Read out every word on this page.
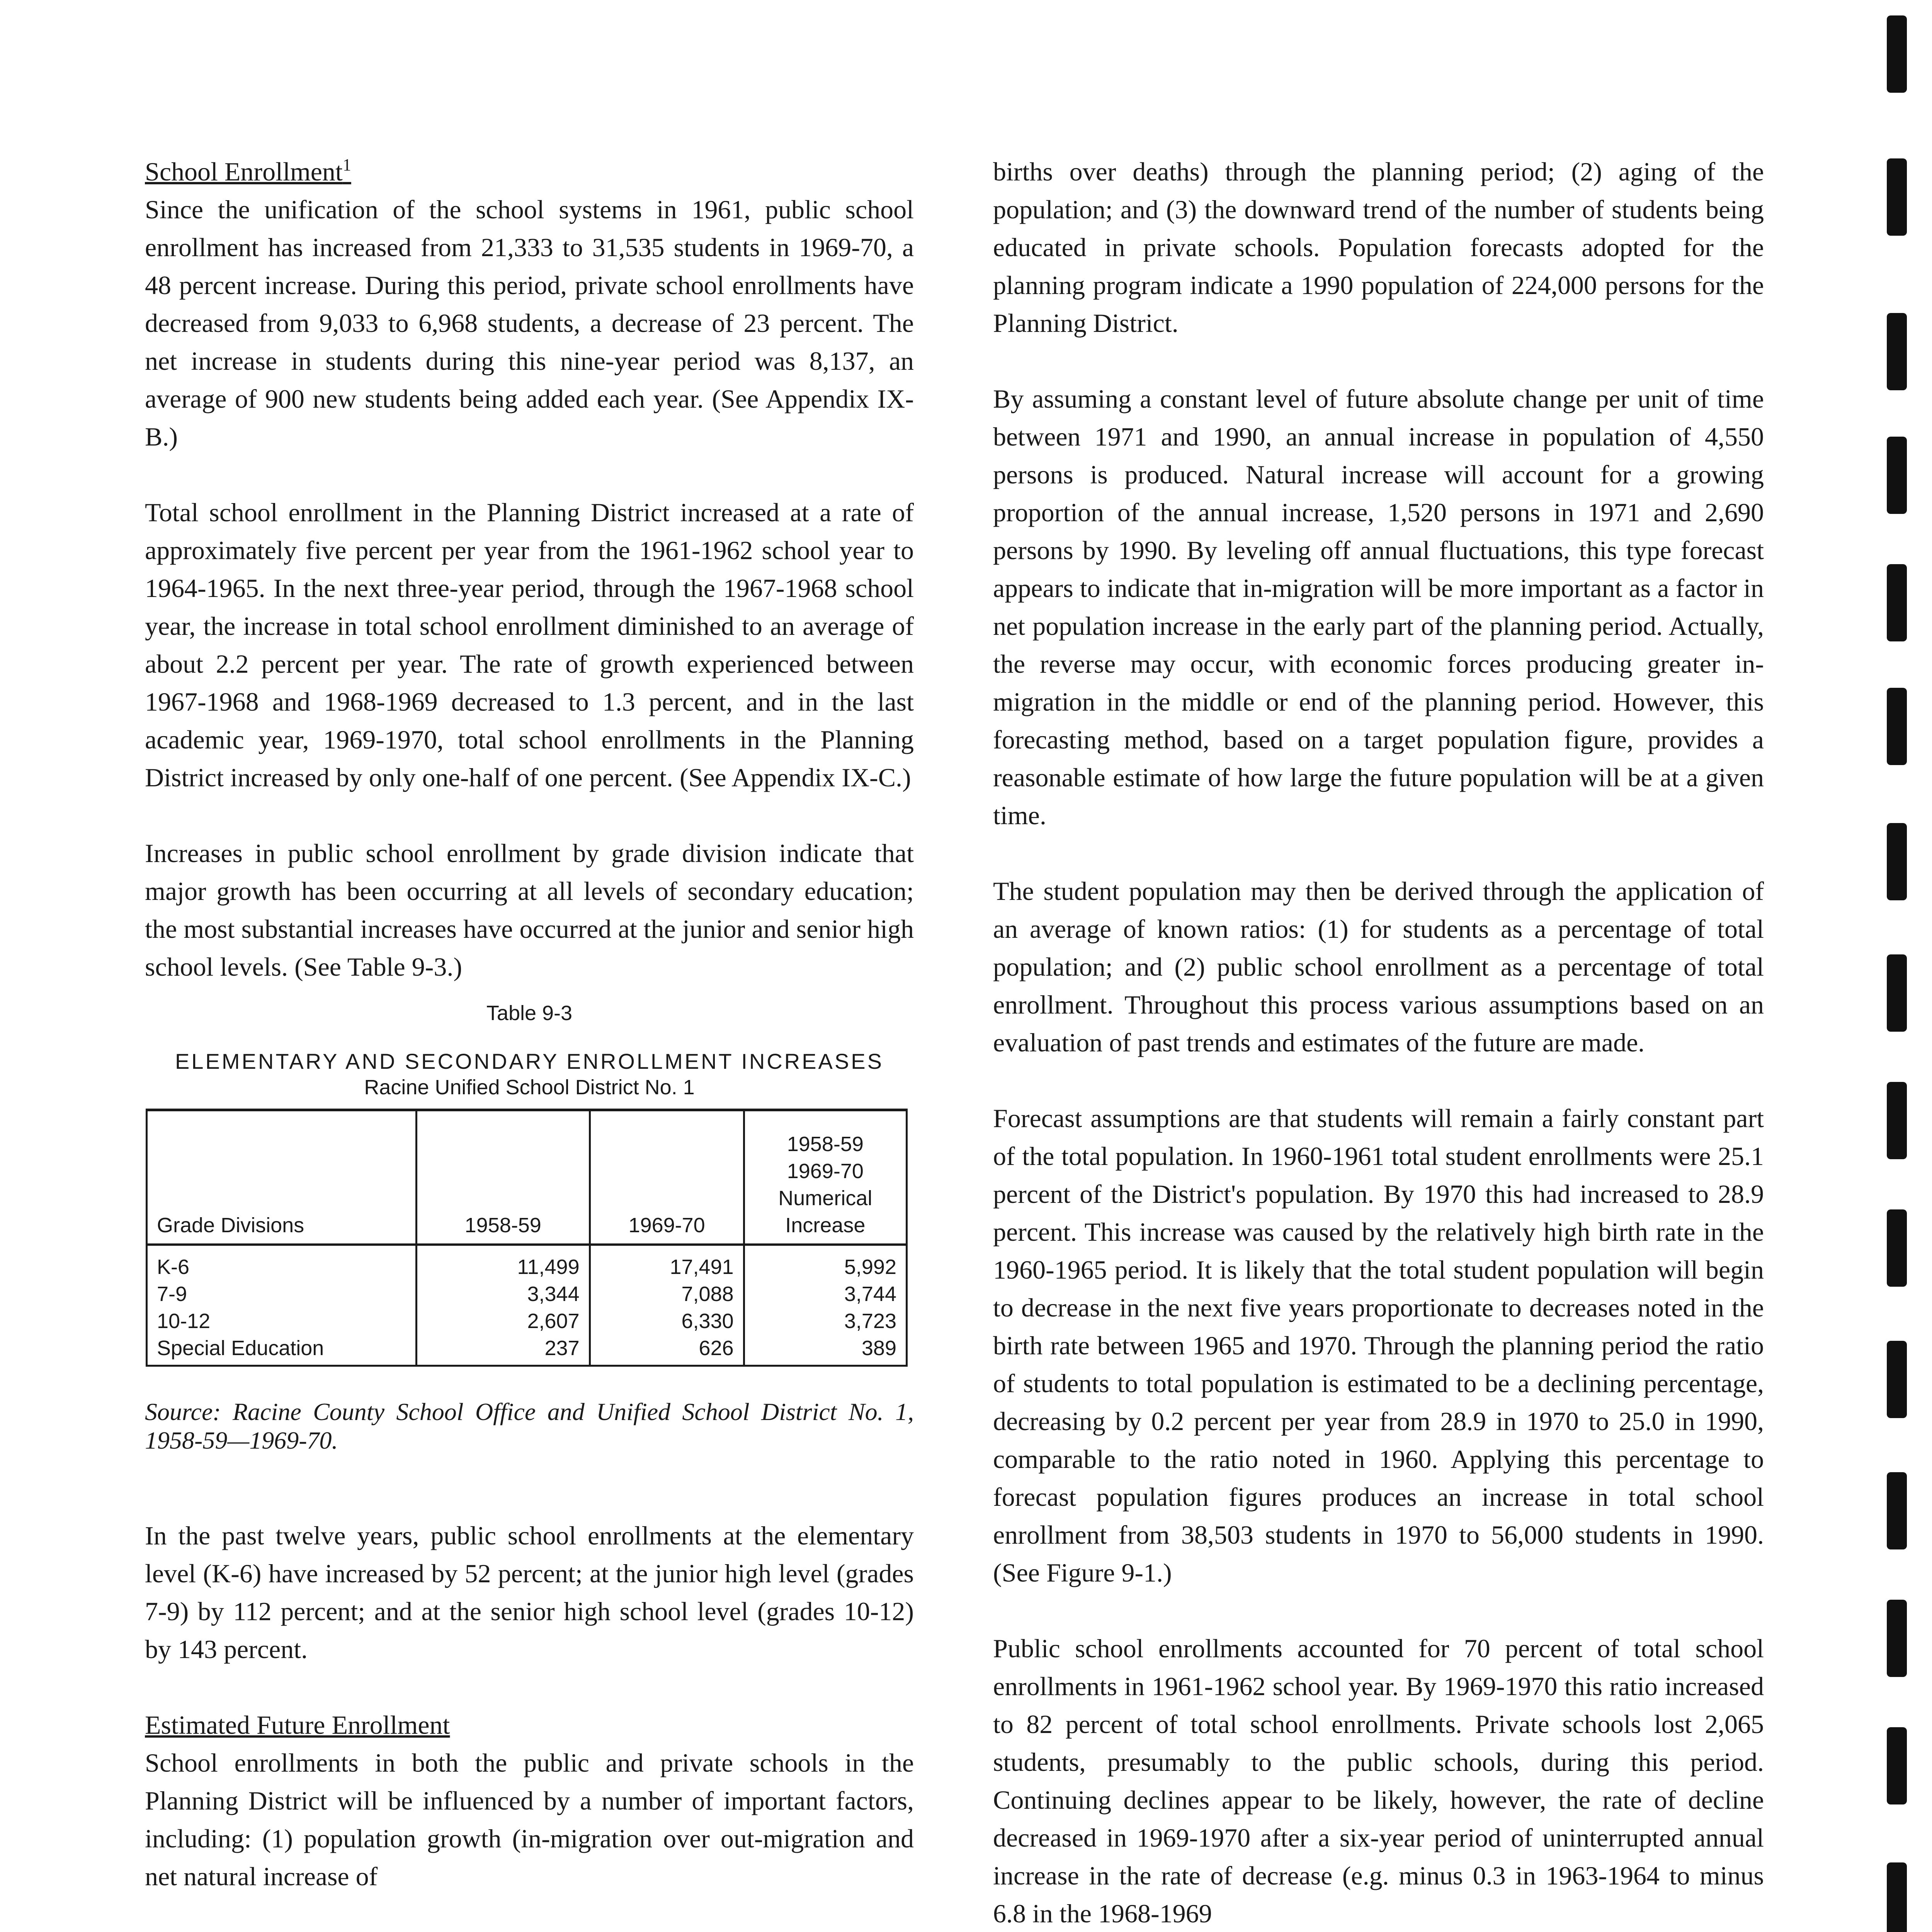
School Enrollment$^1$

Since the unification of the school systems in 1961, public school enrollment has increased from 21,333 to 31,535 students in 1969-70, a 48 percent increase. During this period, private school enrollments have decreased from 9,033 to 6,968 students, a decrease of 23 percent. The net increase in students during this nine-year period was 8,137, an average of 900 new students being added each year. (See Appendix IX-B.)

Total school enrollment in the Planning District increased at a rate of approximately five percent per year from the 1961-1962 school year to 1964-1965. In the next three-year period, through the 1967-1968 school year, the increase in total school enrollment diminished to an average of about 2.2 percent per year. The rate of growth experienced between 1967-1968 and 1968-1969 decreased to 1.3 percent, and in the last academic year, 1969-1970, total school enrollments in the Planning District increased by only one-half of one percent. (See Appendix IX-C.)

Increases in public school enrollment by grade division indicate that major growth has been occurring at all levels of secondary education; the most substantial increases have occurred at the junior and senior high school levels. (See Table 9-3.)

Table 9-3

ELEMENTARY AND SECONDARY ENROLLMENT INCREASES

Racine Unified School District No. 1

Grade Divisions	1958-59	1969-70	1958-59
1969-70
Numerical
Increase

K-6	11,499	17,491	5,992
7-9	3,344	7,088	3,744
10-12	2,607	6,330	3,723
Special Education	237	626	389

Source: Racine County School Office and Unified School District No. 1, 1958-59—1969-70.

In the past twelve years, public school enrollments at the elementary level (K-6) have increased by 52 percent; at the junior high level (grades 7-9) by 112 percent; and at the senior high school level (grades 10-12) by 143 percent.

Estimated Future Enrollment

School enrollments in both the public and private schools in the Planning District will be influenced by a number of important factors, including: (1) population growth (in-migration over out-migration and net natural increase of

births over deaths) through the planning period; (2) aging of the population; and (3) the downward trend of the number of students being educated in private schools. Population forecasts adopted for the planning program indicate a 1990 population of 224,000 persons for the Planning District.

By assuming a constant level of future absolute change per unit of time between 1971 and 1990, an annual increase in population of 4,550 persons is produced. Natural increase will account for a growing proportion of the annual increase, 1,520 persons in 1971 and 2,690 persons by 1990. By leveling off annual fluctuations, this type forecast appears to indicate that in-migration will be more important as a factor in net population increase in the early part of the planning period. Actually, the reverse may occur, with economic forces producing greater in-migration in the middle or end of the planning period. However, this forecasting method, based on a target population figure, provides a reasonable estimate of how large the future population will be at a given time.

The student population may then be derived through the application of an average of known ratios: (1) for students as a percentage of total population; and (2) public school enrollment as a percentage of total enrollment. Throughout this process various assumptions based on an evaluation of past trends and estimates of the future are made.

Forecast assumptions are that students will remain a fairly constant part of the total population. In 1960-1961 total student enrollments were 25.1 percent of the District's population. By 1970 this had increased to 28.9 percent. This increase was caused by the relatively high birth rate in the 1960-1965 period. It is likely that the total student population will begin to decrease in the next five years proportionate to decreases noted in the birth rate between 1965 and 1970. Through the planning period the ratio of students to total population is estimated to be a declining percentage, decreasing by 0.2 percent per year from 28.9 in 1970 to 25.0 in 1990, comparable to the ratio noted in 1960. Applying this percentage to forecast population figures produces an increase in total school enrollment from 38,503 students in 1970 to 56,000 students in 1990. (See Figure 9-1.)

Public school enrollments accounted for 70 percent of total school enrollments in 1961-1962 school year. By 1969-1970 this ratio increased to 82 percent of total school enrollments. Private schools lost 2,065 students, presumably to the public schools, during this period. Continuing declines appear to be likely, however, the rate of decline decreased in 1969-1970 after a six-year period of uninterrupted annual increase in the rate of decrease (e.g. minus 0.3 in 1963-1964 to minus 6.8 in the 1968-1969
